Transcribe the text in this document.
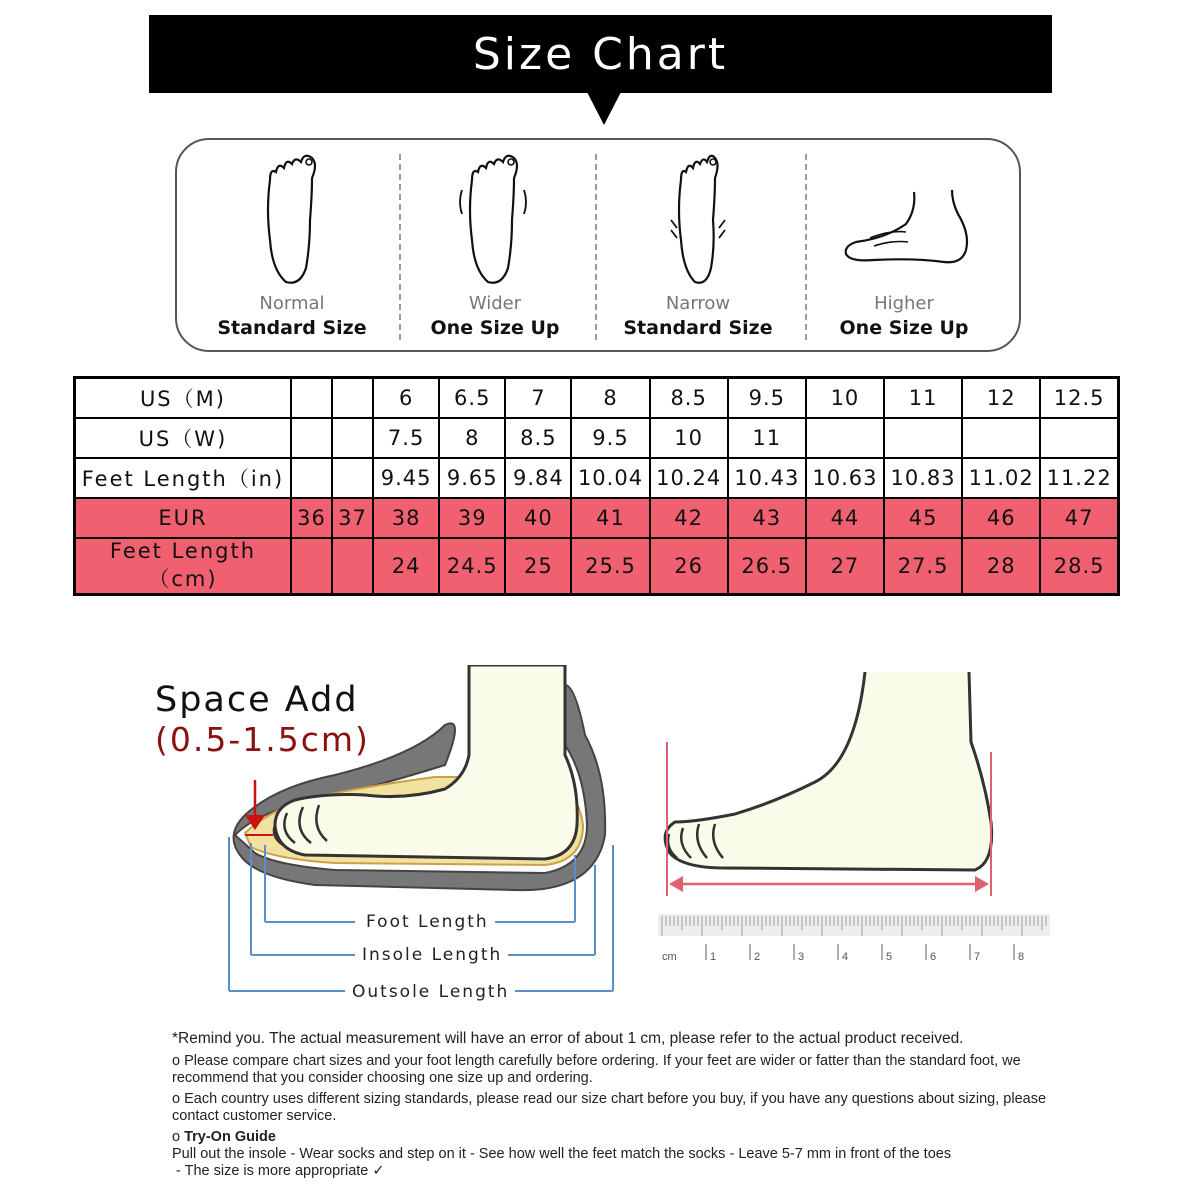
Size Chart
Normal
Standard Size
Wider
One Size Up
Narrow
Standard Size
Higher
One Size Up
US（M)			6	6.5	7	8	8.5	9.5	10	11	12	12.5
US（W)			7.5	8	8.5	9.5	10	11				
Feet Length（in)			9.45	9.65	9.84	10.04	10.24	10.43	10.63	10.83	11.02	11.22
EUR	36	37	38	39	40	41	42	43	44	45	46	47
Feet Length（cm)			24	24.5	25	25.5	26	26.5	27	27.5	28	28.5
Space Add
(0.5-1.5cm)
Foot Length
Insole Length
Outsole Length
cm	1	2	3	4	5	6	7	8
*Remind you. The actual measurement will have an error of about 1 cm, please refer to the actual product received.
o Please compare chart sizes and your foot length carefully before ordering. If your feet are wider or fatter than the standard foot, we recommend that you consider choosing one size up and ordering.
o Each country uses different sizing standards, please read our size chart before you buy, if you have any questions about sizing, please contact customer service.
o Try-On Guide
Pull out the insole - Wear socks and step on it - See how well the feet match the socks - Leave 5-7 mm in front of the toes
- The size is more appropriate ✓
